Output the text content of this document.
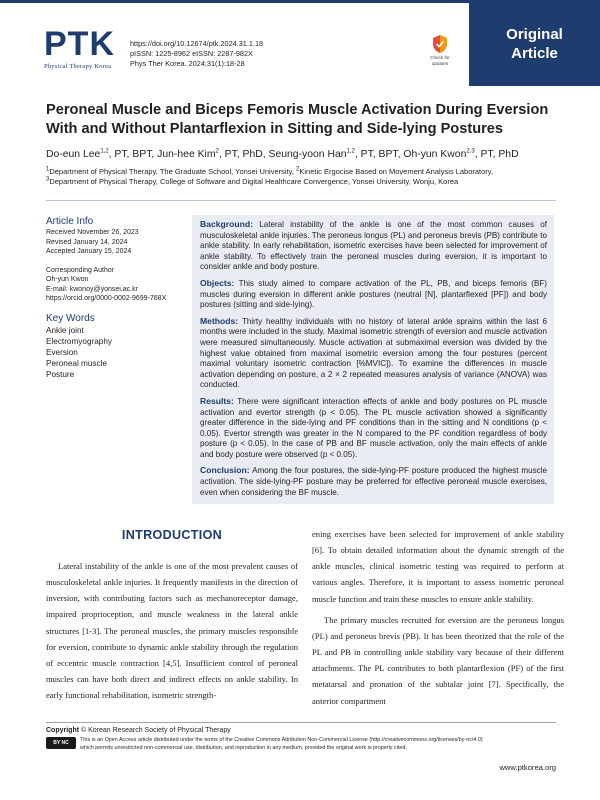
PTK
Physical Therapy Korea
https://doi.org/10.12674/ptk.2024.31.1.18
pISSN: 1225-8962 eISSN: 2287-982X
Phys Ther Korea. 2024;31(1):18-28
Check for
updates
Original
Article
Peroneal Muscle and Biceps Femoris Muscle Activation During Eversion With and Without Plantarflexion in Sitting and Side-lying Postures
Do-eun Lee$^{1,2}$, PT, BPT, Jun-hee Kim$^2$, PT, PhD, Seung-yoon Han$^{1,2}$, PT, BPT, Oh-yun Kwon$^{2,3}$, PT, PhD
$^1$Department of Physical Therapy, The Graduate School, Yonsei University, $^2$Kinetic Ergocise Based on Movement Analysis Laboratory,
$^3$Department of Physical Therapy, College of Software and Digital Healthcare Convergence, Yonsei University, Wonju, Korea
Article Info
Received November 26, 2023
Revised January 14, 2024
Accepted January 15, 2024
Corresponding Author
Oh-yun Kwon
E-mail: kwonoy@yonsei.ac.kr
https://orcid.org/0000-0002-9699-768X
Key Words
Ankle joint
Electromyography
Eversion
Peroneal muscle
Posture

Background: Lateral instability of the ankle is one of the most common causes of musculoskeletal ankle injuries. The peroneus longus (PL) and peroneus brevis (PB) contribute to ankle stability. In early rehabilitation, isometric exercises have been selected for improvement of ankle stability. To effectively train the peroneal muscles during eversion, it is important to consider ankle and body posture.

Objects: This study aimed to compare activation of the PL, PB, and biceps femoris (BF) muscles during eversion in different ankle postures (neutral [N], plantarflexed [PF]) and body postures (sitting and side-lying).

Methods: Thirty healthy individuals with no history of lateral ankle sprains within the last 6 months were included in the study. Maximal isometric strength of eversion and muscle activation were measured simultaneously. Muscle activation at submaximal eversion was divided by the highest value obtained from maximal isometric eversion among the four postures (percent maximal voluntary isometric contraction [%MVIC]). To examine the differences in muscle activation depending on posture, a 2 × 2 repeated measures analysis of variance (ANOVA) was conducted.

Results: There were significant interaction effects of ankle and body postures on PL muscle activation and evertor strength (p < 0.05). The PL muscle activation showed a significantly greater difference in the side-lying and PF conditions than in the sitting and N conditions (p < 0.05). Evertor strength was greater in the N compared to the PF condition regardless of body posture (p < 0.05). In the case of PB and BF muscle activation, only the main effects of ankle and body posture were observed (p < 0.05).

Conclusion: Among the four postures, the side-lying-PF posture produced the highest muscle activation. The side-lying-PF posture may be preferred for effective peroneal muscle exercises, even when considering the BF muscle.

INTRODUCTION

Lateral instability of the ankle is one of the most prevalent causes of musculoskeletal ankle injuries. It frequently manifests in the direction of inversion, with contributing factors such as mechanoreceptor damage, impaired proprioception, and muscle weakness in the lateral ankle structures [1-3]. The peroneal muscles, the primary muscles responsible for eversion, contribute to dynamic ankle stability through the regulation of eccentric muscle contraction [4,5]. Insufficient control of peroneal muscles can have both direct and indirect effects on ankle stability. In early functional rehabilitation, isometric strength-

ening exercises have been selected for improvement of ankle stability [6]. To obtain detailed information about the dynamic strength of the ankle muscles, clinical isometric testing was required to perform at various angles. Therefore, it is important to assess isometric peroneal muscle function and train these muscles to ensure ankle stability.

The primary muscles recruited for eversion are the peroneus longus (PL) and peroneus brevis (PB). It has been theorized that the role of the PL and PB in controlling ankle stability vary because of their different attachments. The PL contributes to both plantarflexion (PF) of the first metatarsal and pronation of the subtalar joint [7]. Specifically, the anterior compartment

Copyright © Korean Research Society of Physical Therapy
BY NC	This is an Open Access article distributed under the terms of the Creative Commons Attribution Non-Commercial License (http://creativecommons.org/licenses/by-nc/4.0)
which permits unrestricted non-commercial use, distribution, and reproduction in any medium, provided the original work is properly cited.
www.ptkorea.org
